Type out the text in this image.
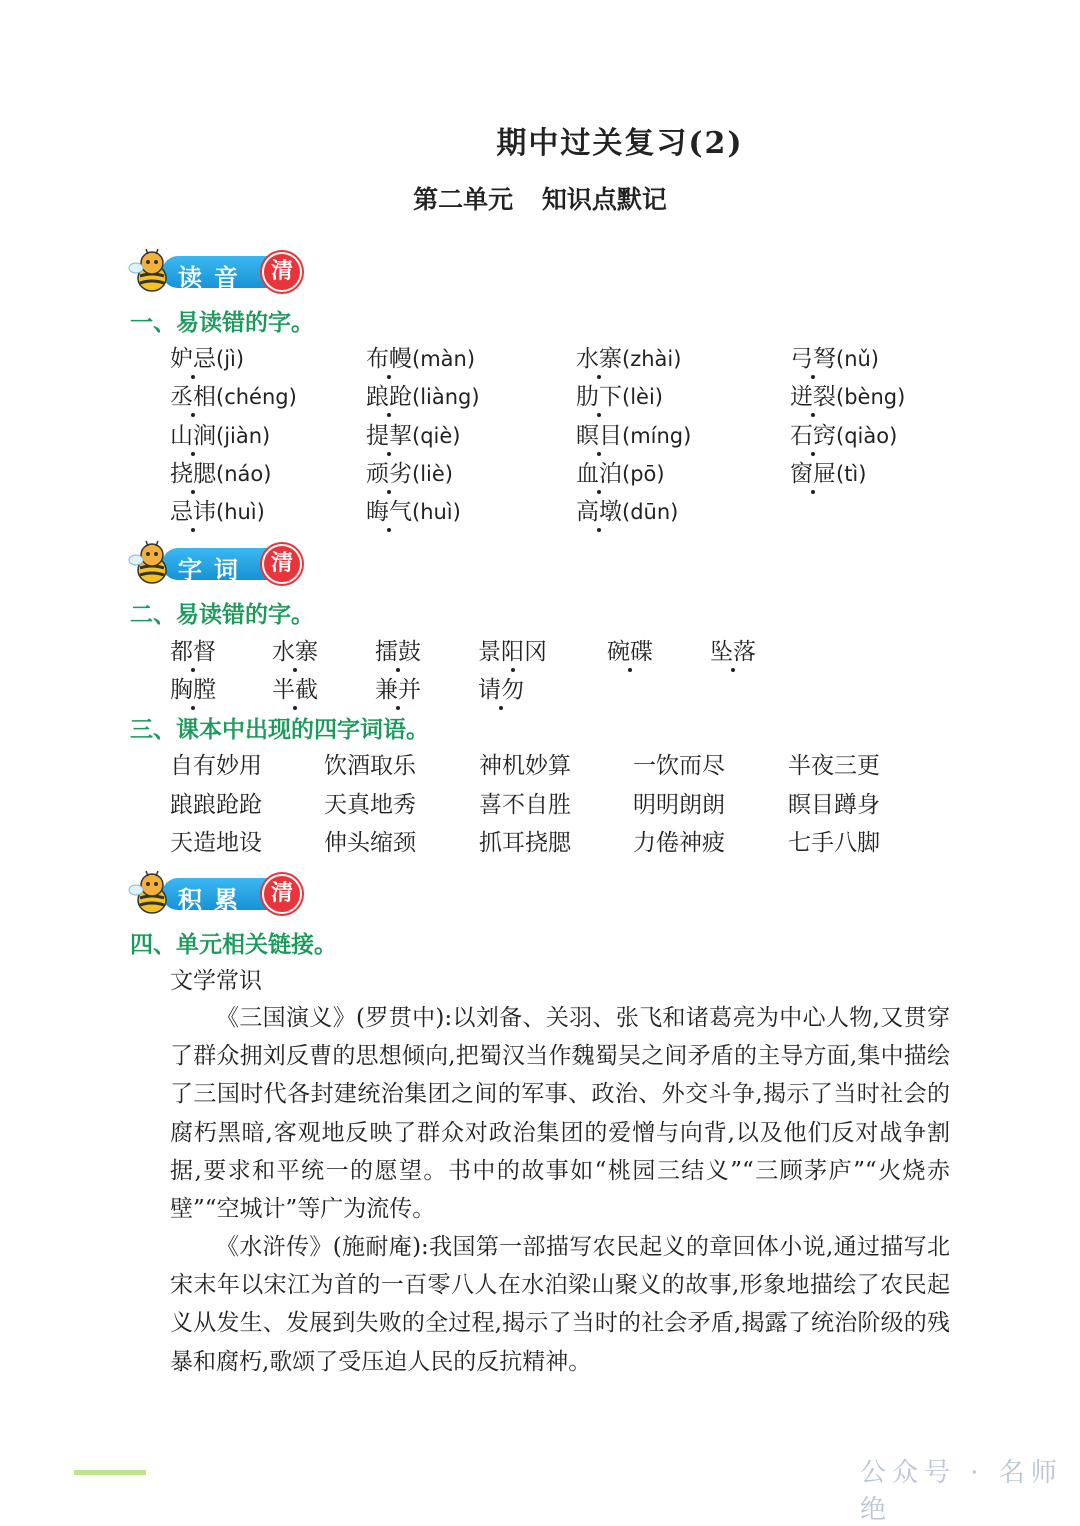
期中过关复习(2)
第二单元 知识点默记
读音 清
一、易读错的字。
字词 清
二、易读错的字。
三、课本中出现的四字词语。
积累 清
四、单元相关链接。
文学常识
《三国演义》(罗贯中):以刘备、关羽、张飞和诸葛亮为中心人物,又贯穿了群众拥刘反曹的思想倾向,把蜀汉当作魏蜀吴之间矛盾的主导方面,集中描绘了三国时代各封建统治集团之间的军事、政治、外交斗争,揭示了当时社会的腐朽黑暗,客观地反映了群众对政治集团的爱憎与向背,以及他们反对战争割据,要求和平统一的愿望。书中的故事如“桃园三结义”“三顾茅庐”“火烧赤壁”“空城计”等广为流传。
《水浒传》(施耐庵):我国第一部描写农民起义的章回体小说,通过描写北宋末年以宋江为首的一百零八人在水泊梁山聚义的故事,形象地描绘了农民起义从发生、发展到失败的全过程,揭示了当时的社会矛盾,揭露了统治阶级的残暴和腐朽,歌颂了受压迫人民的反抗精神。
公众号 · 名师绝
妒忌(jì)	布幔(màn)	水寨(zhài)	弓弩(nǔ)
丞相(chéng)	踉跄(liàng)	肋下(lèi)	迸裂(bèng)
山涧(jiàn)	提挈(qiè)	瞑目(míng)	石窍(qiào)
挠腮(náo)	顽劣(liè)	血泊(pō)	窗屉(tì)
忌讳(huì)	晦气(huì)	高墩(dūn)
都督 水寨 擂鼓 景阳冈	碗碟 坠落
胸膛 半截 兼并 请勿
自有妙用	饮酒取乐	神机妙算	一饮而尽	半夜三更
踉踉跄跄	天真地秀	喜不自胜	明明朗朗	瞑目蹲身
天造地设	伸头缩颈	抓耳挠腮	力倦神疲	七手八脚
